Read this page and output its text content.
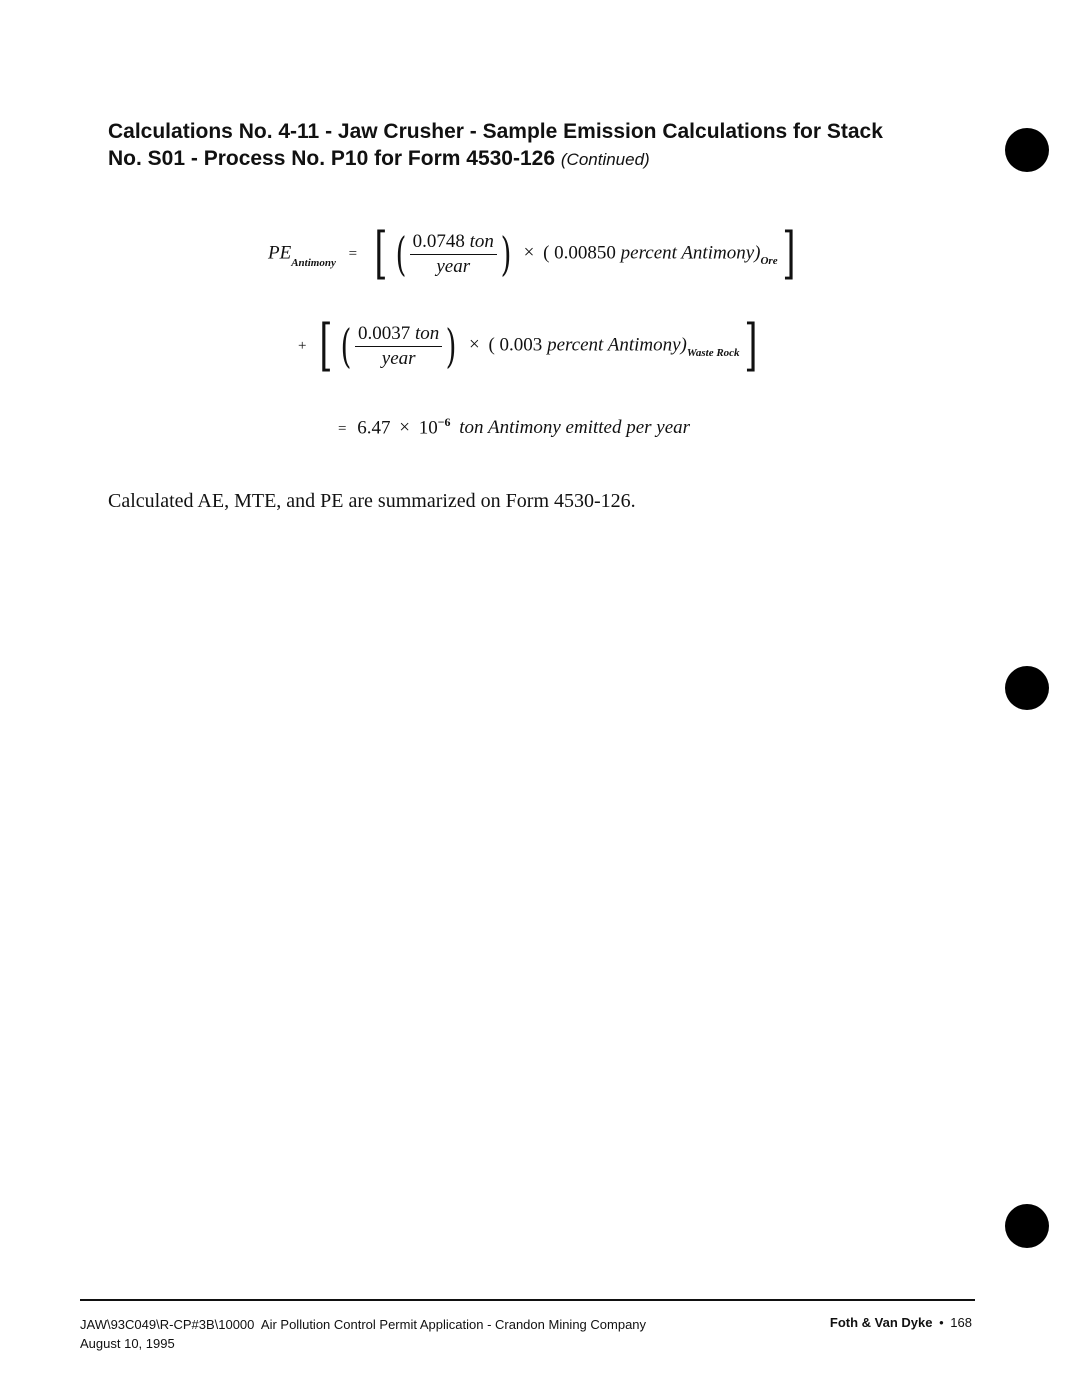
Calculations No. 4-11 - Jaw Crusher - Sample Emission Calculations for Stack
No. S01 - Process No. P10 for Form 4530-126 (Continued)
$PE_{Antimony}$ = [ ( $\frac{\text{0.0748 ton}}{\text{year}}$ ) × ( 0.00850 percent $Antimony)_{Ore}$]
+ [ ( $\frac{\text{0.0037 ton}}{\text{year}}$ ) × ( 0.003 percent $Antimony)_{Waste Rock}$]
= $6.47 \times 10^{-6}$ ton Antimony emitted per year
Calculated AE, MTE, and PE are summarized on Form 4530-126.
JAW\93C049\R-CP#3B\10000 Air Pollution Control Permit Application - Crandon Mining Company
August 10, 1995
Foth & Van Dyke • 168
